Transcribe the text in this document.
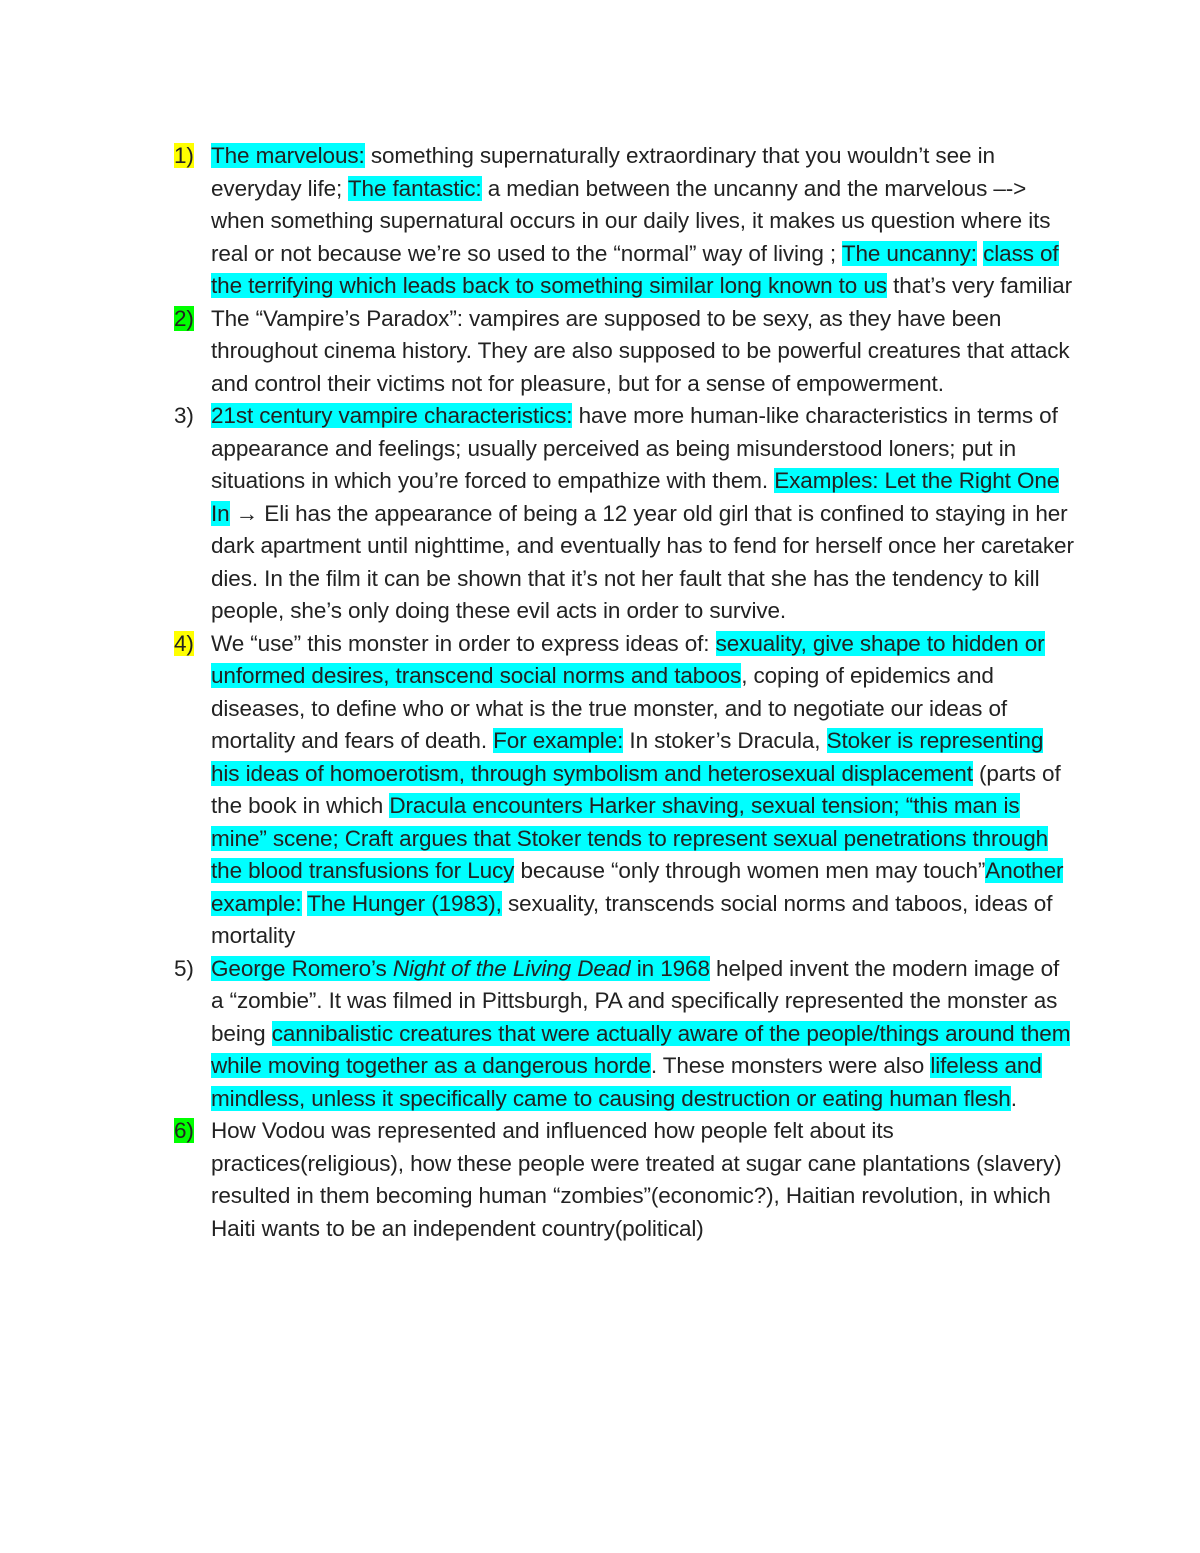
1) The marvelous: something supernaturally extraordinary that you wouldn’t see in everyday life; The fantastic: a median between the uncanny and the marvelous –-> when something supernatural occurs in our daily lives, it makes us question where its real or not because we’re so used to the “normal” way of living ; The uncanny: class of the terrifying which leads back to something similar long known to us that’s very familiar
2) The “Vampire’s Paradox”: vampires are supposed to be sexy, as they have been throughout cinema history. They are also supposed to be powerful creatures that attack and control their victims not for pleasure, but for a sense of empowerment.
3) 21st century vampire characteristics: have more human-like characteristics in terms of appearance and feelings; usually perceived as being misunderstood loners; put in situations in which you’re forced to empathize with them. Examples: Let the Right One In → Eli has the appearance of being a 12 year old girl that is confined to staying in her dark apartment until nighttime, and eventually has to fend for herself once her caretaker dies. In the film it can be shown that it’s not her fault that she has the tendency to kill people, she’s only doing these evil acts in order to survive.
4) We “use” this monster in order to express ideas of: sexuality, give shape to hidden or unformed desires, transcend social norms and taboos, coping of epidemics and diseases, to define who or what is the true monster, and to negotiate our ideas of mortality and fears of death. For example: In stoker’s Dracula, Stoker is representing his ideas of homoerotism, through symbolism and heterosexual displacement (parts of the book in which Dracula encounters Harker shaving, sexual tension; “this man is mine” scene; Craft argues that Stoker tends to represent sexual penetrations through the blood transfusions for Lucy because “only through women men may touch”Another example: The Hunger (1983), sexuality, transcends social norms and taboos, ideas of mortality
5) George Romero’s Night of the Living Dead in 1968 helped invent the modern image of a “zombie”. It was filmed in Pittsburgh, PA and specifically represented the monster as being cannibalistic creatures that were actually aware of the people/things around them while moving together as a dangerous horde. These monsters were also lifeless and mindless, unless it specifically came to causing destruction or eating human flesh.
6) How Vodou was represented and influenced how people felt about its practices(religious), how these people were treated at sugar cane plantations (slavery) resulted in them becoming human “zombies”(economic?), Haitian revolution, in which Haiti wants to be an independent country(political)
